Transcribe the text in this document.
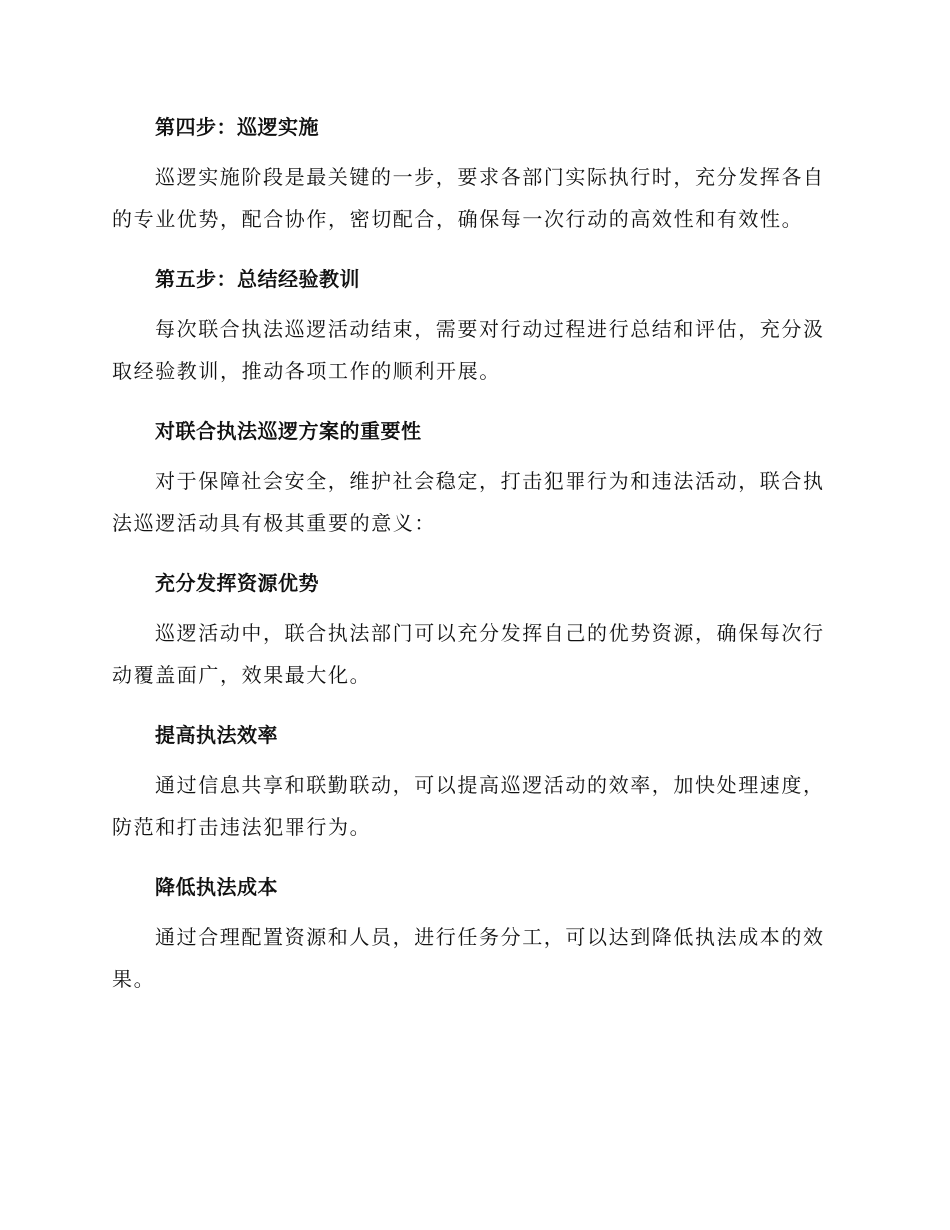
第四步：巡逻实施
巡逻实施阶段是最关键的一步，要求各部门实际执行时，充分发挥各自的专业优势，配合协作，密切配合，确保每一次行动的高效性和有效性。
第五步：总结经验教训
每次联合执法巡逻活动结束，需要对行动过程进行总结和评估，充分汲取经验教训，推动各项工作的顺利开展。
对联合执法巡逻方案的重要性
对于保障社会安全，维护社会稳定，打击犯罪行为和违法活动，联合执法巡逻活动具有极其重要的意义：
充分发挥资源优势
巡逻活动中，联合执法部门可以充分发挥自己的优势资源，确保每次行动覆盖面广，效果最大化。
提高执法效率
通过信息共享和联勤联动，可以提高巡逻活动的效率，加快处理速度，防范和打击违法犯罪行为。
降低执法成本
通过合理配置资源和人员，进行任务分工，可以达到降低执法成本的效果。
